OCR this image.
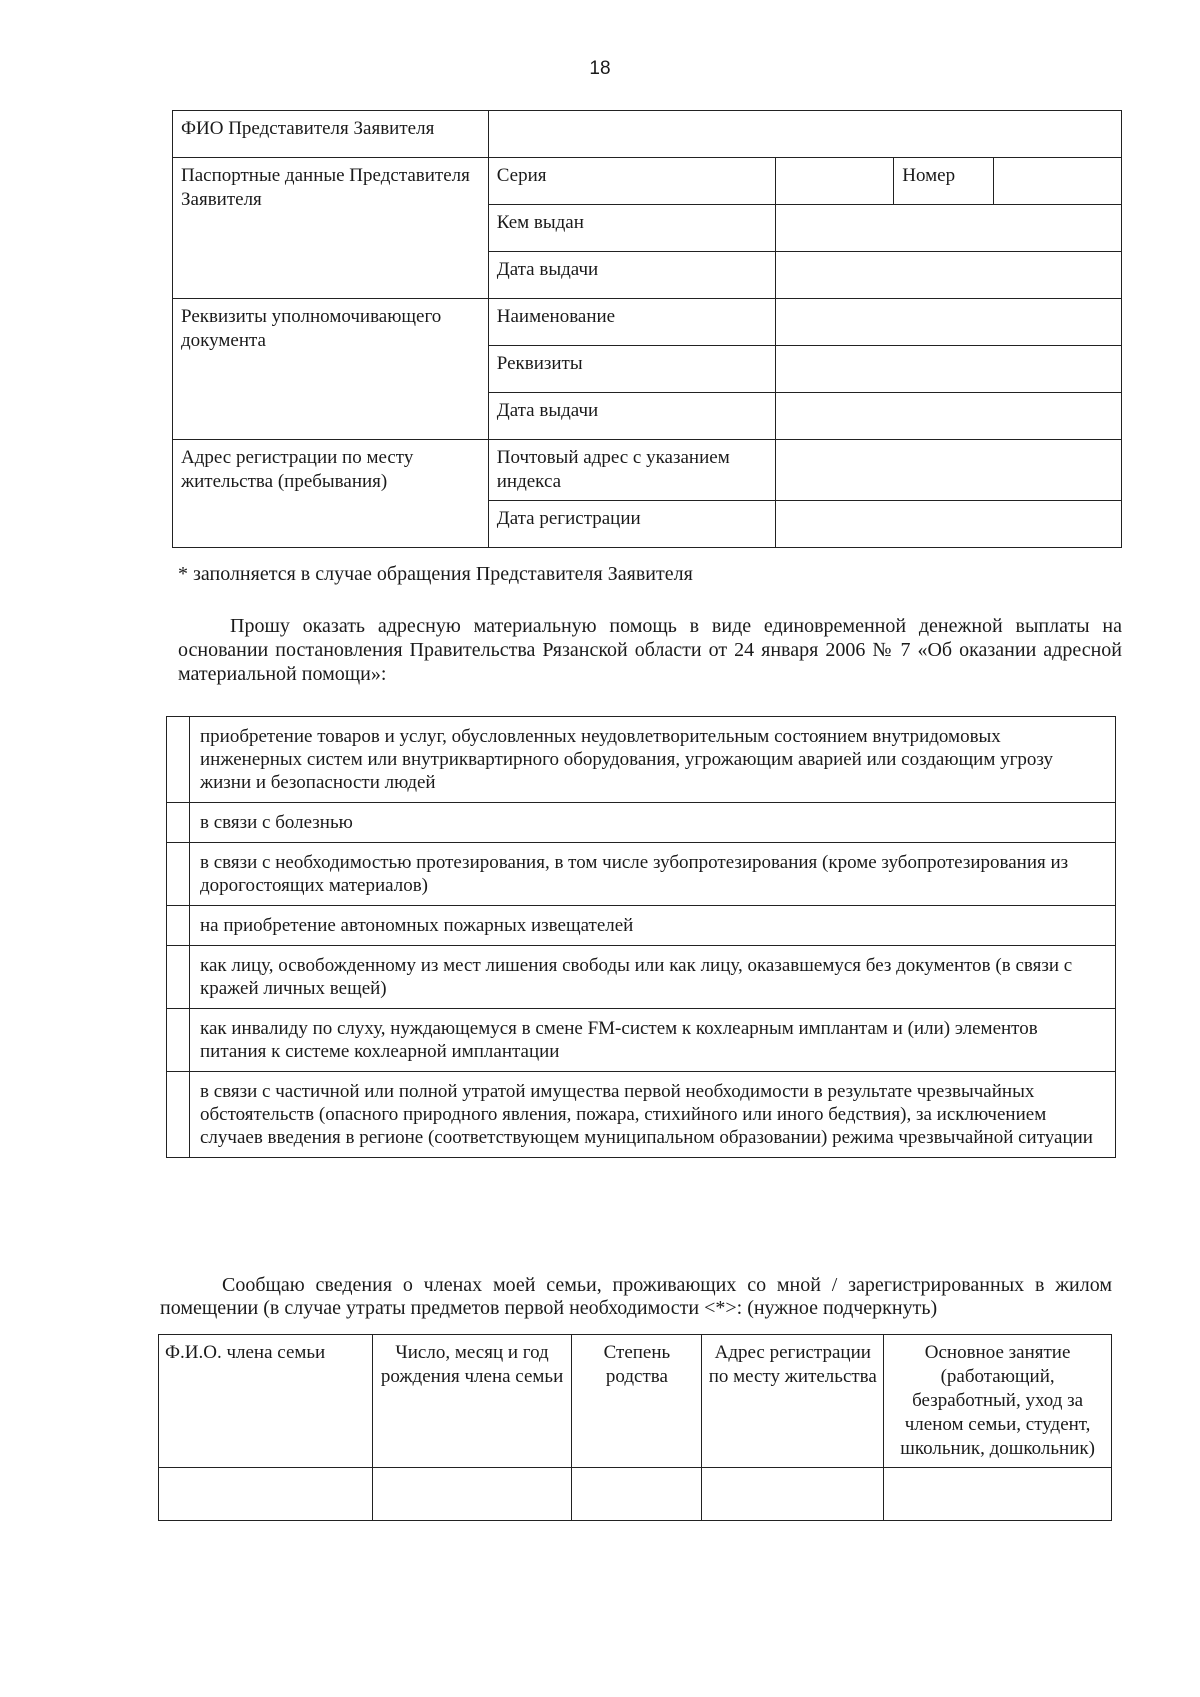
18
ФИО Представителя Заявителя				
Паспортные данные Представителя Заявителя	Серия		Номер	
	Кем выдан			
	Дата выдачи			
Реквизиты уполномочивающего документа	Наименование			
	Реквизиты			
	Дата выдачи			
Адрес регистрации по месту жительства (пребывания)	Почтовый адрес с указанием индекса			
	Дата регистрации			
* заполняется в случае обращения Представителя Заявителя
Прошу оказать адресную материальную помощь в виде единовременной денежной выплаты на основании постановления Правительства Рязанской области от 24 января 2006 № 7 «Об оказании адресной материальной помощи»:
	приобретение товаров и услуг, обусловленных неудовлетворительным состоянием внутридомовых инженерных систем или внутриквартирного оборудования, угрожающим аварией или создающим угрозу жизни и безопасности людей
	в связи с болезнью
	в связи с необходимостью протезирования, в том числе зубопротезирования (кроме зубопротезирования из дорогостоящих материалов)
	на приобретение автономных пожарных извещателей
	как лицу, освобожденному из мест лишения свободы или как лицу, оказавшемуся без документов (в связи с кражей личных вещей)
	как инвалиду по слуху, нуждающемуся в смене FM-систем к кохлеарным имплантам и (или) элементов питания к системе кохлеарной имплантации
	в связи с частичной или полной утратой имущества первой необходимости в результате чрезвычайных обстоятельств (опасного природного явления, пожара, стихийного или иного бедствия), за исключением случаев введения в регионе (соответствующем муниципальном образовании) режима чрезвычайной ситуации
Сообщаю сведения о членах моей семьи, проживающих со мной / зарегистрированных в жилом помещении (в случае утраты предметов первой необходимости <*>: (нужное подчеркнуть)
Ф.И.О. члена семьи	Число, месяц и год рождения члена семьи	Степень родства	Адрес регистрации по месту жительства	Основное занятие (работающий, безработный, уход за членом семьи, студент, школьник, дошкольник)
